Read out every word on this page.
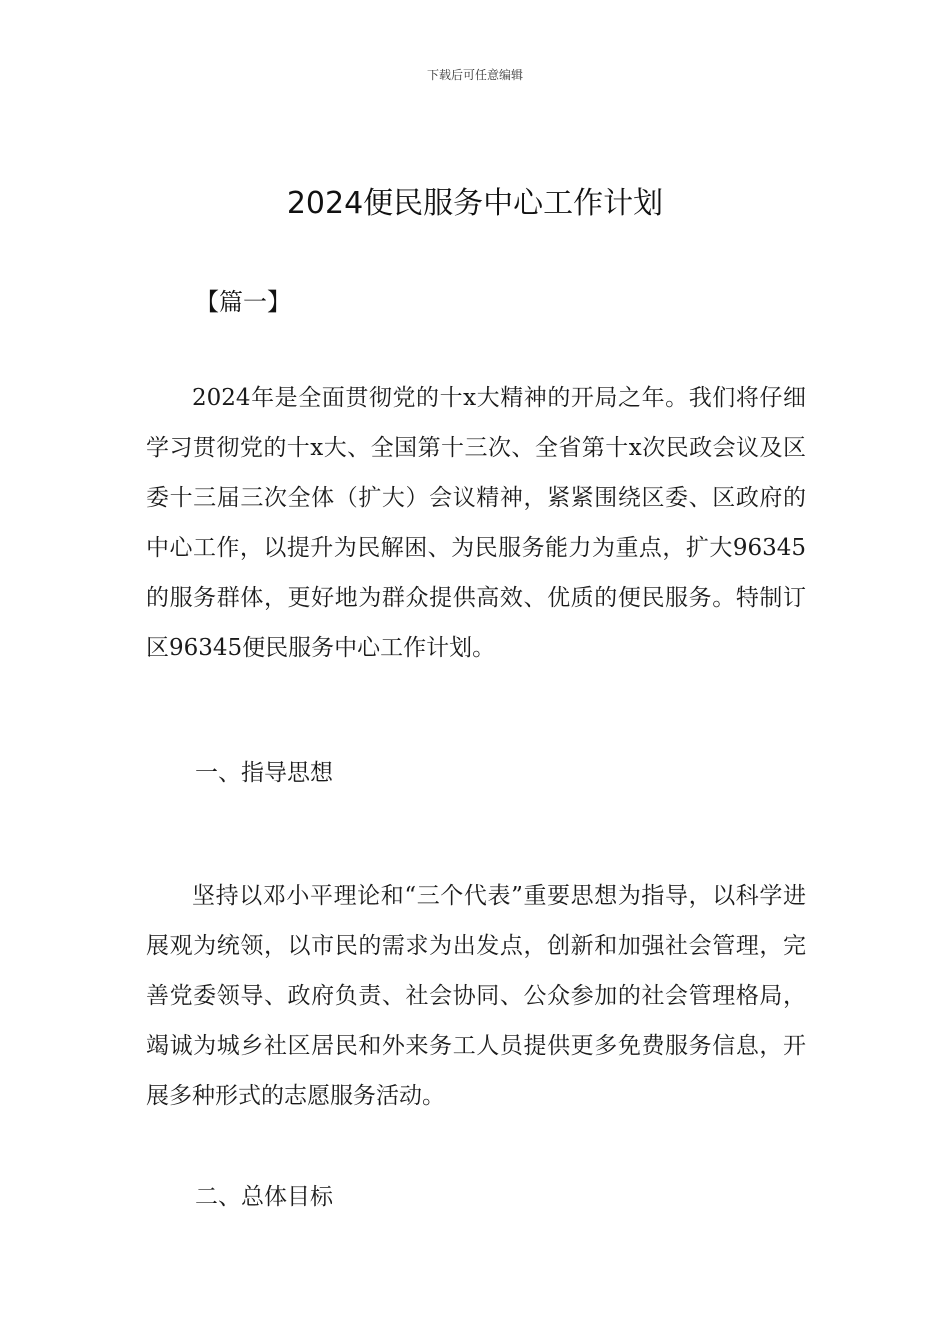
下载后可任意编辑
2024便民服务中心工作计划
【篇一】

2024年是全面贯彻党的十x大精神的开局之年。我们将仔细学习贯彻党的十x大、全国第十三次、全省第十x次民政会议及区委十三届三次全体（扩大）会议精神，紧紧围绕区委、区政府的中心工作，以提升为民解困、为民服务能力为重点，扩大96345的服务群体，更好地为群众提供高效、优质的便民服务。特制订区96345便民服务中心工作计划。

一、指导思想

坚持以邓小平理论和“三个代表”重要思想为指导，以科学进展观为统领，以市民的需求为出发点，创新和加强社会管理，完善党委领导、政府负责、社会协同、公众参加的社会管理格局，竭诚为城乡社区居民和外来务工人员提供更多免费服务信息，开展多种形式的志愿服务活动。

二、总体目标
